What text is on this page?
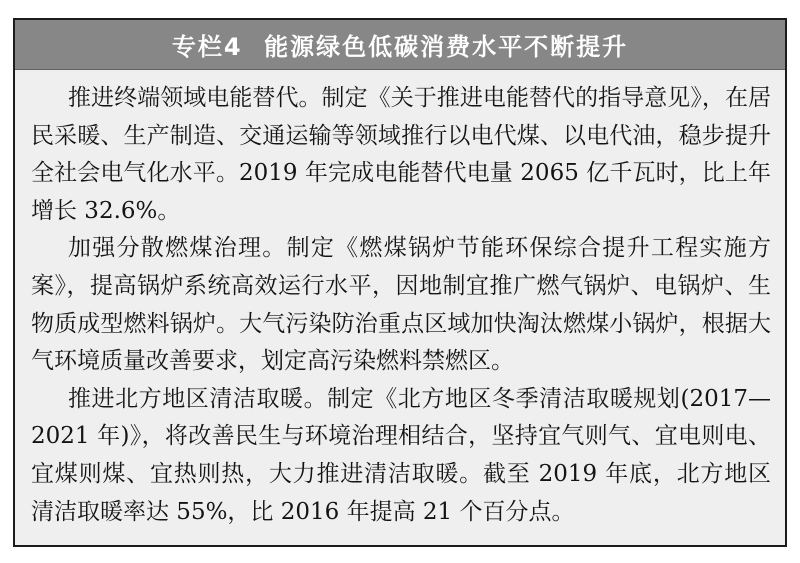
专栏4 能源绿色低碳消费水平不断提升

推进终端领域电能替代。制定《关于推进电能替代的指导意见》，在居民采暖、生产制造、交通运输等领域推行以电代煤、以电代油，稳步提升全社会电气化水平。2019 年完成电能替代电量 2065 亿千瓦时，比上年增长 32.6%。

加强分散燃煤治理。制定《燃煤锅炉节能环保综合提升工程实施方案》，提高锅炉系统高效运行水平，因地制宜推广燃气锅炉、电锅炉、生物质成型燃料锅炉。大气污染防治重点区域加快淘汰燃煤小锅炉，根据大气环境质量改善要求，划定高污染燃料禁燃区。

推进北方地区清洁取暖。制定《北方地区冬季清洁取暖规划(2017—2021 年)》，将改善民生与环境治理相结合，坚持宜气则气、宜电则电、宜煤则煤、宜热则热，大力推进清洁取暖。截至 2019 年底，北方地区清洁取暖率达 55%，比 2016 年提高 21 个百分点。
